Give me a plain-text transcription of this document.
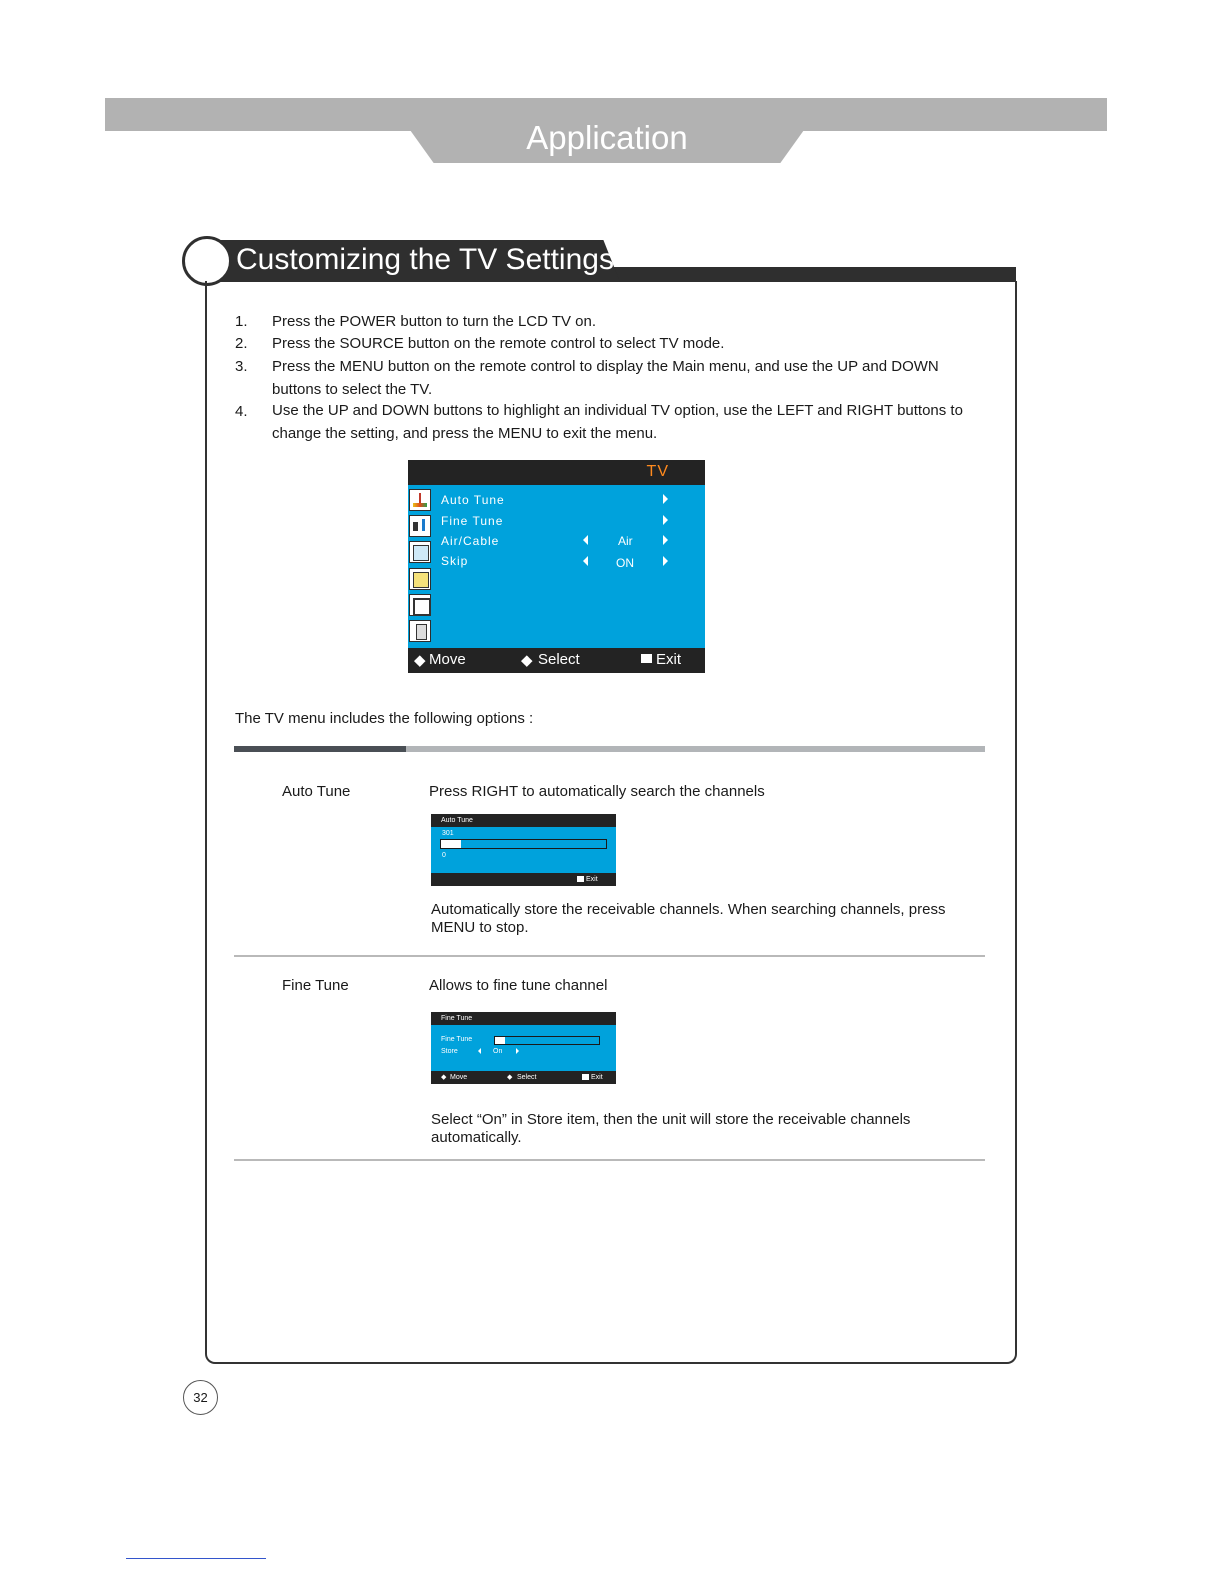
Application
Customizing the TV Settings
1. Press the POWER button to turn the LCD TV on.
2. Press the SOURCE button on the remote control to select TV mode.
3. Press the MENU button on the remote control to display the Main menu, and use the UP and DOWN buttons to select the TV.
4. Use the UP and DOWN buttons to highlight an individual TV option, use the LEFT and RIGHT buttons to change the setting, and press the MENU to exit the menu.
TV
Auto Tune
Fine Tune
Air/Cable	Air
Skip	ON
◆ Move	◆ Select	Exit
The TV menu includes the following options :
Auto Tune	Press RIGHT to automatically search the channels
Auto Tune
301
0
Exit
Automatically store the receivable channels. When searching channels, press MENU to stop.
Fine Tune	Allows to fine tune channel
Fine Tune
Fine Tune
Store	On
◆ Move	◆ Select	Exit
Select “On” in Store item, then the unit will store the receivable channels automatically.
32
